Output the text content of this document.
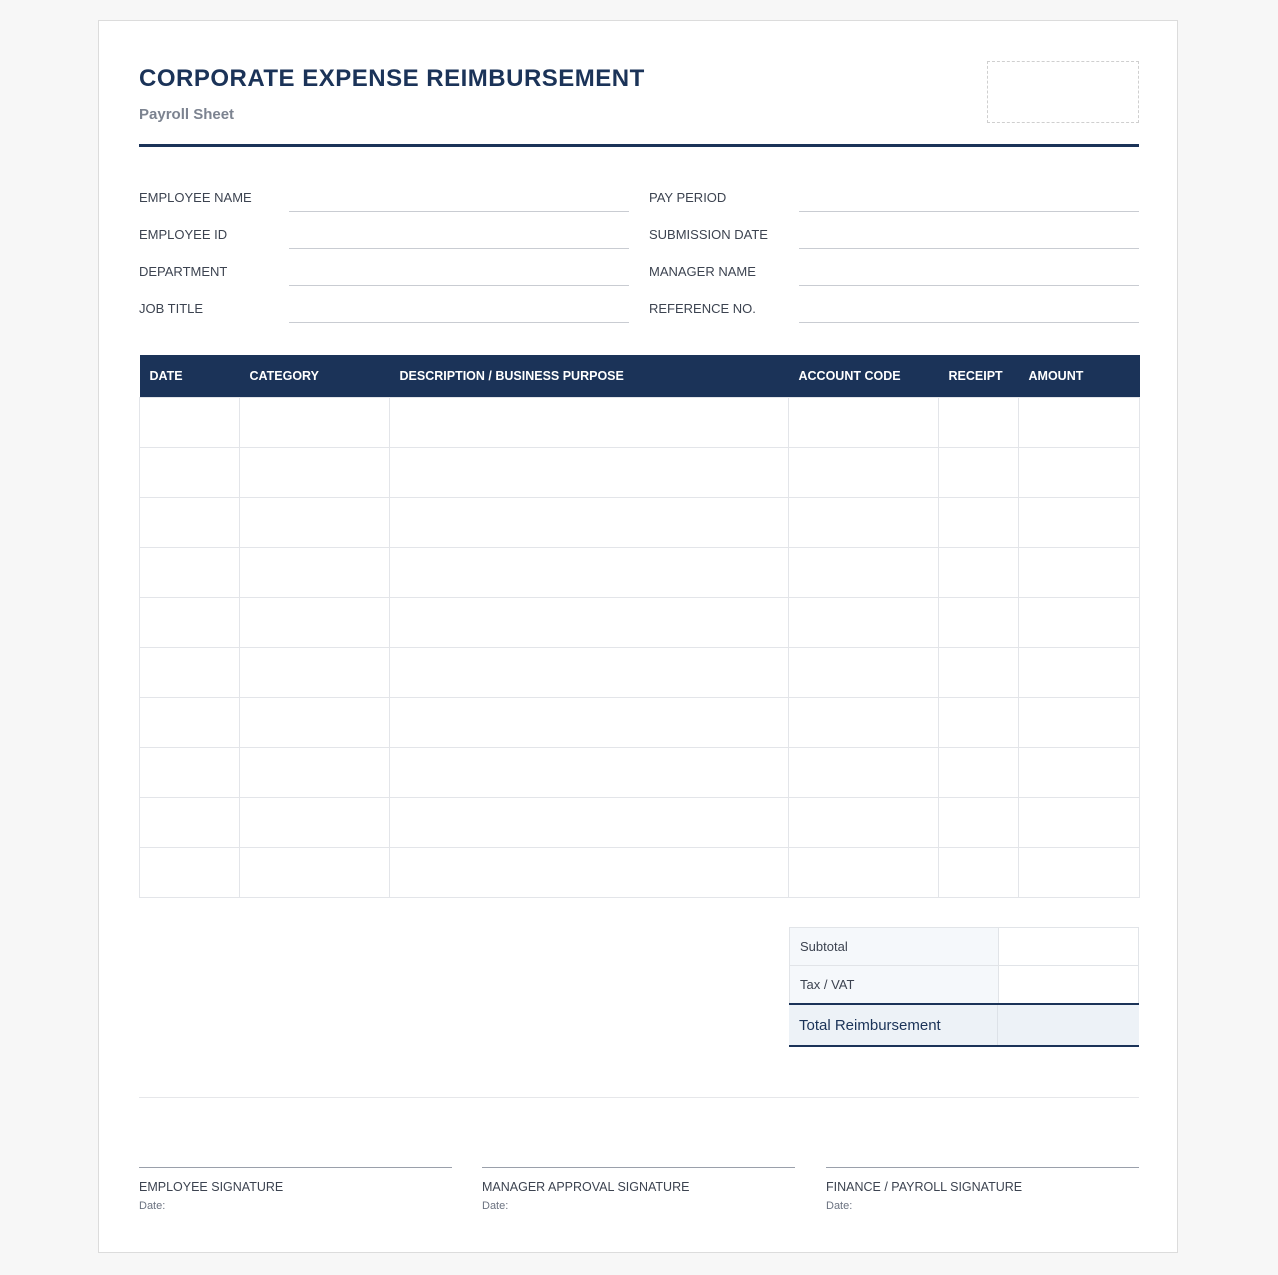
CORPORATE EXPENSE REIMBURSEMENT
Payroll Sheet
EMPLOYEE NAME
EMPLOYEE ID
DEPARTMENT
JOB TITLE
PAY PERIOD
SUBMISSION DATE
MANAGER NAME
REFERENCE NO.
DATE	CATEGORY	DESCRIPTION / BUSINESS PURPOSE	ACCOUNT CODE	RECEIPT	AMOUNT

Subtotal
Tax / VAT
Total Reimbursement
EMPLOYEE SIGNATURE
Date:
MANAGER APPROVAL SIGNATURE
Date:
FINANCE / PAYROLL SIGNATURE
Date:
